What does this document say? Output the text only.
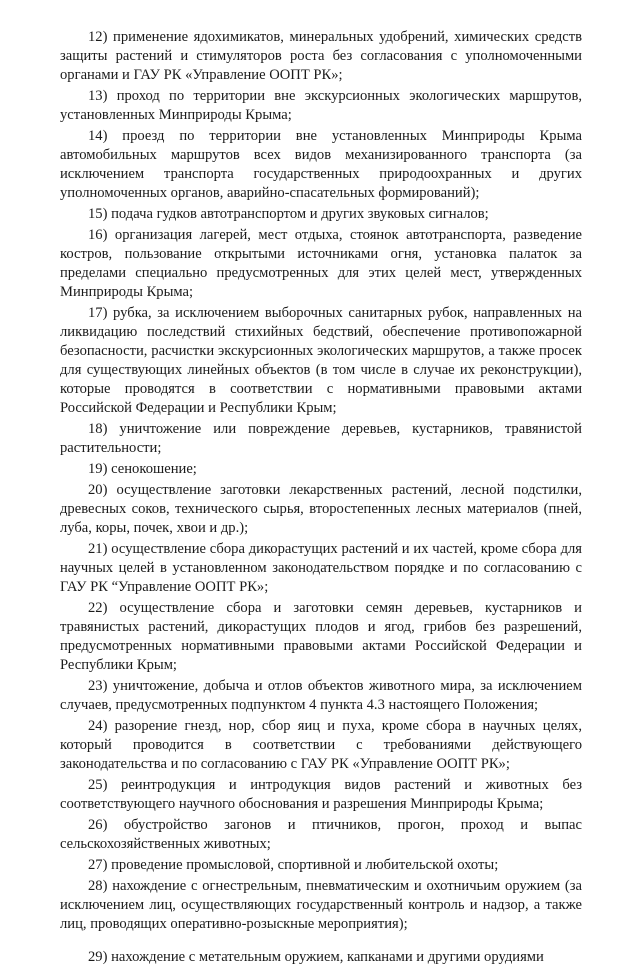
12) применение ядохимикатов, минеральных удобрений, химических средств защиты растений и стимуляторов роста без согласования с уполномоченными органами и ГАУ РК «Управление ООПТ РК»;

13) проход по территории вне экскурсионных экологических маршрутов, установленных Минприроды Крыма;

14) проезд по территории вне установленных Минприроды Крыма автомобильных маршрутов всех видов механизированного транспорта (за исключением транспорта государственных природоохранных и других уполномоченных органов, аварийно-спасательных формирований);

15) подача гудков автотранспортом и других звуковых сигналов;

16) организация лагерей, мест отдыха, стоянок автотранспорта, разведение костров, пользование открытыми источниками огня, установка палаток за пределами специально предусмотренных для этих целей мест, утвержденных Минприроды Крыма;

17) рубка, за исключением выборочных санитарных рубок, направленных на ликвидацию последствий стихийных бедствий, обеспечение противопожарной безопасности, расчистки экскурсионных экологических маршрутов, а также просек для существующих линейных объектов (в том числе в случае их реконструкции), которые проводятся в соответствии с нормативными правовыми актами Российской Федерации и Республики Крым;

18) уничтожение или повреждение деревьев, кустарников, травянистой растительности;

19) сенокошение;

20) осуществление заготовки лекарственных растений, лесной подстилки, древесных соков, технического сырья, второстепенных лесных материалов (пней, луба, коры, почек, хвои и др.);

21) осуществление сбора дикорастущих растений и их частей, кроме сбора для научных целей в установленном законодательством порядке и по согласованию с ГАУ РК “Управление ООПТ РК»;

22) осуществление сбора и заготовки семян деревьев, кустарников и травянистых растений, дикорастущих плодов и ягод, грибов без разрешений, предусмотренных нормативными правовыми актами Российской Федерации и Республики Крым;

23) уничтожение, добыча и отлов объектов животного мира, за исключением случаев, предусмотренных подпунктом 4 пункта 4.3 настоящего Положения;

24) разорение гнезд, нор, сбор яиц и пуха, кроме сбора в научных целях, который проводится в соответствии с требованиями действующего законодательства и по согласованию с ГАУ РК «Управление ООПТ РК»;

25) реинтродукция и интродукция видов растений и животных без соответствующего научного обоснования и разрешения Минприроды Крыма;

26) обустройство загонов и птичников, прогон, проход и выпас сельскохозяйственных животных;

27) проведение промысловой, спортивной и любительской охоты;

28) нахождение с огнестрельным, пневматическим и охотничьим оружием (за исключением лиц, осуществляющих государственный контроль и надзор, а также лиц, проводящих оперативно-розыскные мероприятия);

29) нахождение с метательным оружием, капканами и другими орудиями
